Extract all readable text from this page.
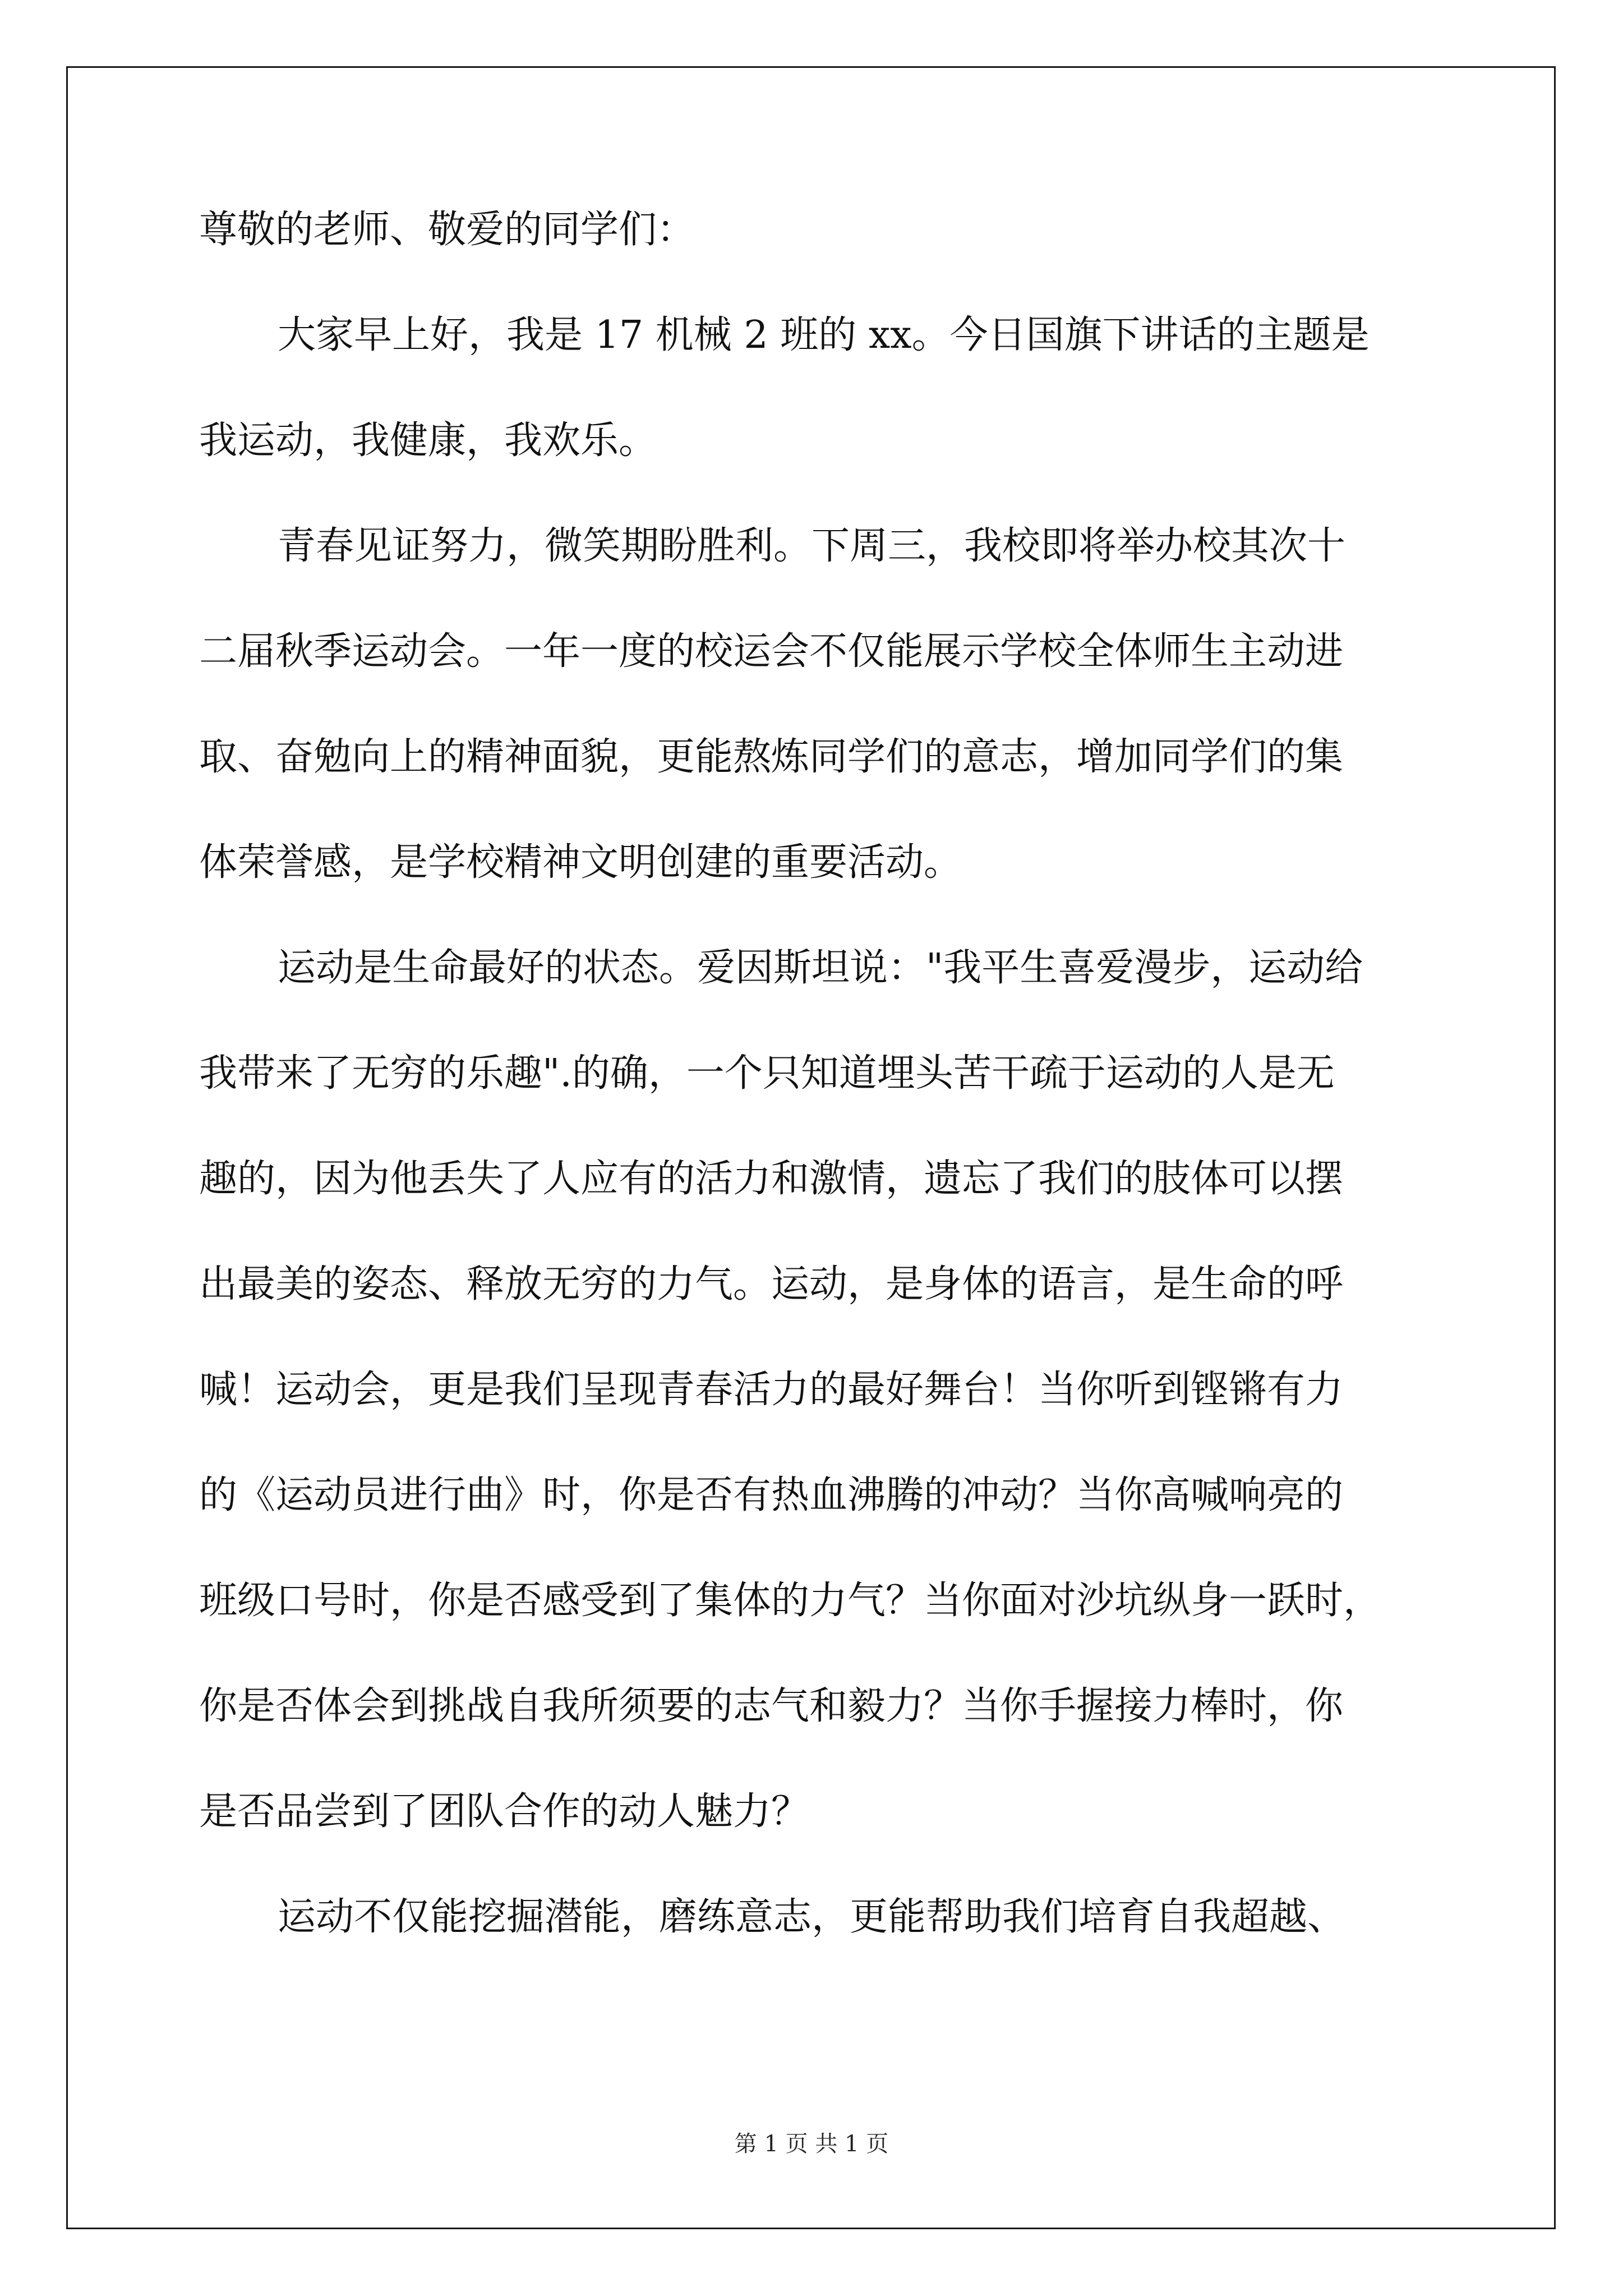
尊敬的老师、敬爱的同学们：
大家早上好，我是 17 机械 2 班的 xx。今日国旗下讲话的主题是
我运动，我健康，我欢乐。
青春见证努力，微笑期盼胜利。下周三，我校即将举办校其次十
二届秋季运动会。一年一度的校运会不仅能展示学校全体师生主动进
取、奋勉向上的精神面貌，更能熬炼同学们的意志，增加同学们的集
体荣誉感，是学校精神文明创建的重要活动。
运动是生命最好的状态。爱因斯坦说："我平生喜爱漫步，运动给
我带来了无穷的乐趣".的确，一个只知道埋头苦干疏于运动的人是无
趣的，因为他丢失了人应有的活力和激情，遗忘了我们的肢体可以摆
出最美的姿态、释放无穷的力气。运动，是身体的语言，是生命的呼
喊！运动会，更是我们呈现青春活力的最好舞台！当你听到铿锵有力
的《运动员进行曲》时，你是否有热血沸腾的冲动？当你高喊响亮的
班级口号时，你是否感受到了集体的力气？当你面对沙坑纵身一跃时，
你是否体会到挑战自我所须要的志气和毅力？当你手握接力棒时，你
是否品尝到了团队合作的动人魅力？
运动不仅能挖掘潜能，磨练意志，更能帮助我们培育自我超越、
第 1 页 共 1 页
